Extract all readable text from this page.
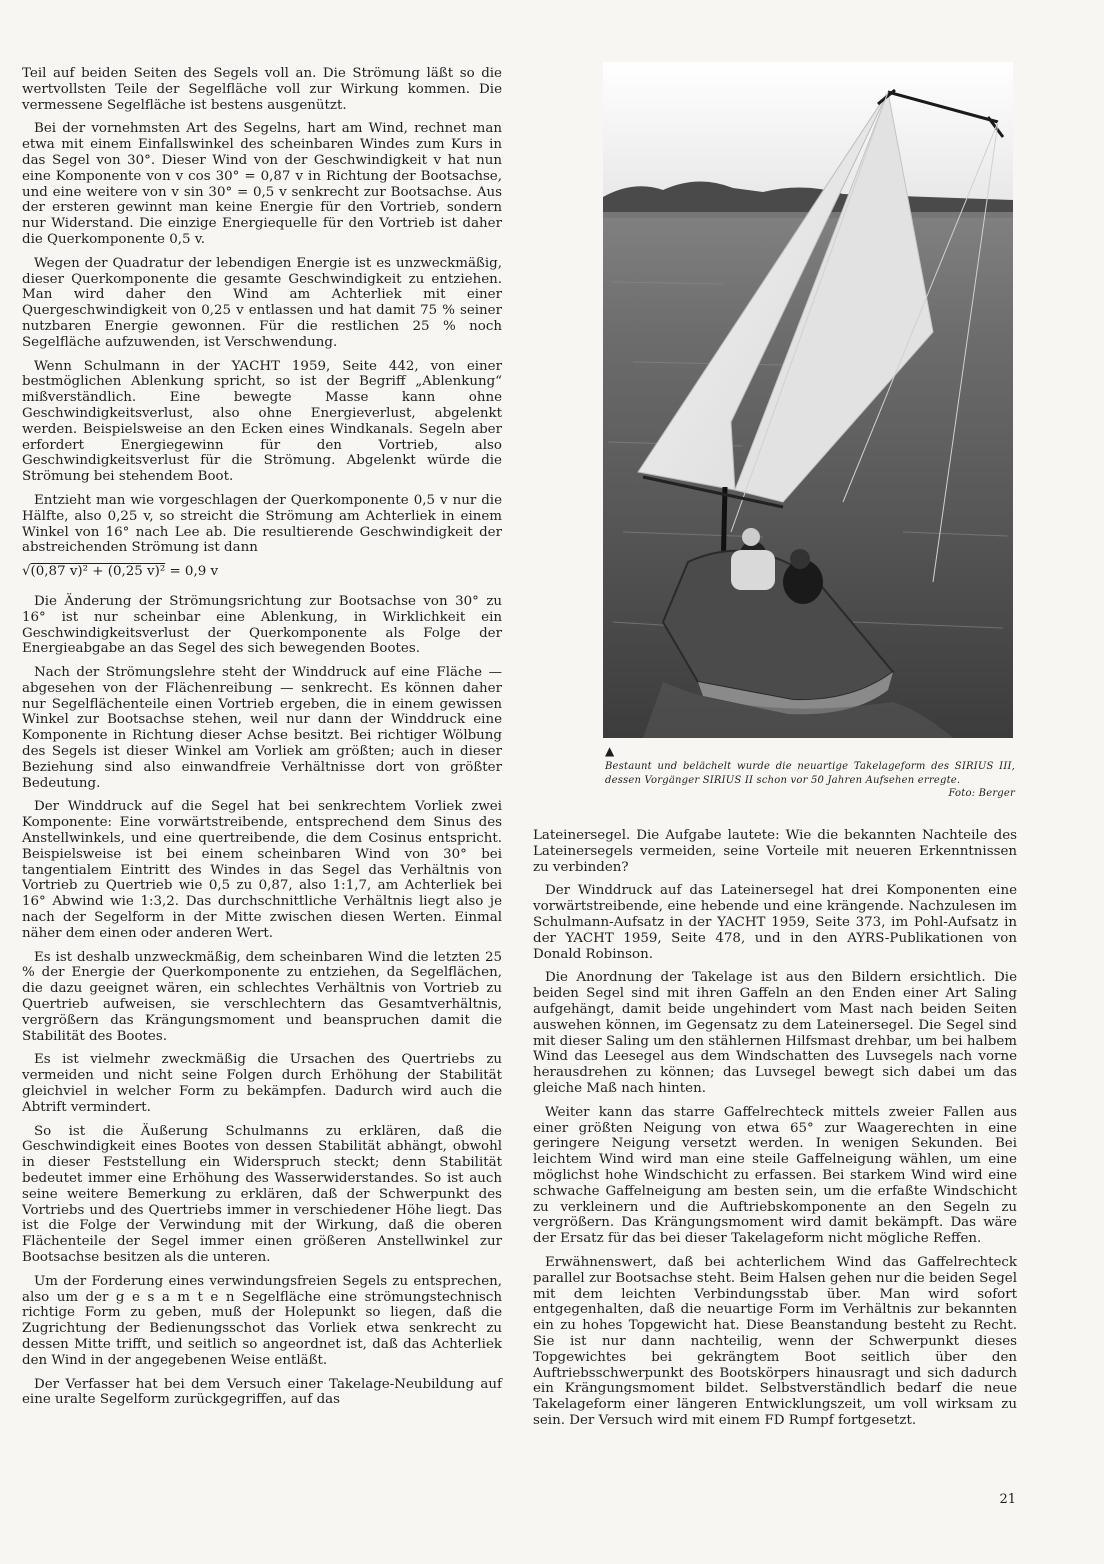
Teil auf beiden Seiten des Segels voll an. Die Strömung läßt so die wertvollsten Teile der Segelfläche voll zur Wirkung kommen. Die vermessene Segelfläche ist bestens ausgenützt.

Bei der vornehmsten Art des Segelns, hart am Wind, rechnet man etwa mit einem Einfallswinkel des scheinbaren Windes zum Kurs in das Segel von 30°. Dieser Wind von der Geschwindigkeit v hat nun eine Komponente von v cos 30° = 0,87 v in Richtung der Bootsachse, und eine weitere von v sin 30° = 0,5 v senkrecht zur Bootsachse. Aus der ersteren gewinnt man keine Energie für den Vortrieb, sondern nur Widerstand. Die einzige Energiequelle für den Vortrieb ist daher die Querkomponente 0,5 v.

Wegen der Quadratur der lebendigen Energie ist es unzweckmäßig, dieser Querkomponente die gesamte Geschwindigkeit zu entziehen. Man wird daher den Wind am Achterliek mit einer Quergeschwindigkeit von 0,25 v entlassen und hat damit 75 % seiner nutzbaren Energie gewonnen. Für die restlichen 25 % noch Segelfläche aufzuwenden, ist Verschwendung.

Wenn Schulmann in der YACHT 1959, Seite 442, von einer bestmöglichen Ablenkung spricht, so ist der Begriff „Ablenkung“ mißverständlich. Eine bewegte Masse kann ohne Geschwindigkeitsverlust, also ohne Energieverlust, abgelenkt werden. Beispielsweise an den Ecken eines Windkanals. Segeln aber erfordert Energiegewinn für den Vortrieb, also Geschwindigkeitsverlust für die Strömung. Abgelenkt würde die Strömung bei stehendem Boot.

Entzieht man wie vorgeschlagen der Querkomponente 0,5 v nur die Hälfte, also 0,25 v, so streicht die Strömung am Achterliek in einem Winkel von 16° nach Lee ab. Die resultierende Geschwindigkeit der abstreichenden Strömung ist dann

√(0,87 v)² + (0,25 v)² = 0,9 v

Die Änderung der Strömungsrichtung zur Bootsachse von 30° zu 16° ist nur scheinbar eine Ablenkung, in Wirklichkeit ein Geschwindigkeitsverlust der Querkomponente als Folge der Energieabgabe an das Segel des sich bewegenden Bootes.

Nach der Strömungslehre steht der Winddruck auf eine Fläche — abgesehen von der Flächenreibung — senkrecht. Es können daher nur Segelflächenteile einen Vortrieb ergeben, die in einem gewissen Winkel zur Bootsachse stehen, weil nur dann der Winddruck eine Komponente in Richtung dieser Achse besitzt. Bei richtiger Wölbung des Segels ist dieser Winkel am Vorliek am größten; auch in dieser Beziehung sind also einwandfreie Verhältnisse dort von größter Bedeutung.

Der Winddruck auf die Segel hat bei senkrechtem Vorliek zwei Komponente: Eine vorwärtstreibende, entsprechend dem Sinus des Anstellwinkels, und eine quertreibende, die dem Cosinus entspricht. Beispielsweise ist bei einem scheinbaren Wind von 30° bei tangentialem Eintritt des Windes in das Segel das Verhältnis von Vortrieb zu Quertrieb wie 0,5 zu 0,87, also 1:1,7, am Achterliek bei 16° Abwind wie 1:3,2. Das durchschnittliche Verhältnis liegt also je nach der Segelform in der Mitte zwischen diesen Werten. Einmal näher dem einen oder anderen Wert.

Es ist deshalb unzweckmäßig, dem scheinbaren Wind die letzten 25 % der Energie der Querkomponente zu entziehen, da Segelflächen, die dazu geeignet wären, ein schlechtes Verhältnis von Vortrieb zu Quertrieb aufweisen, sie verschlechtern das Gesamtverhältnis, vergrößern das Krängungsmoment und beanspruchen damit die Stabilität des Bootes.

Es ist vielmehr zweckmäßig die Ursachen des Quertriebs zu vermeiden und nicht seine Folgen durch Erhöhung der Stabilität gleichviel in welcher Form zu bekämpfen. Dadurch wird auch die Abtrift vermindert.

So ist die Äußerung Schulmanns zu erklären, daß die Geschwindigkeit eines Bootes von dessen Stabilität abhängt, obwohl in dieser Feststellung ein Widerspruch steckt; denn Stabilität bedeutet immer eine Erhöhung des Wasserwiderstandes. So ist auch seine weitere Bemerkung zu erklären, daß der Schwerpunkt des Vortriebs und des Quertriebs immer in verschiedener Höhe liegt. Das ist die Folge der Verwindung mit der Wirkung, daß die oberen Flächenteile der Segel immer einen größeren Anstellwinkel zur Bootsachse besitzen als die unteren.

Um der Forderung eines verwindungsfreien Segels zu entsprechen, also um der g e s a m t e n Segelfläche eine strömungstechnisch richtige Form zu geben, muß der Holepunkt so liegen, daß die Zugrichtung der Bedienungsschot das Vorliek etwa senkrecht zu dessen Mitte trifft, und seitlich so angeordnet ist, daß das Achterliek den Wind in der angegebenen Weise entläßt.

Der Verfasser hat bei dem Versuch einer Takelage-Neubildung auf eine uralte Segelform zurückgegriffen, auf das

▲
Bestaunt und belächelt wurde die neuartige Takelageform des SIRIUS III, dessen Vorgänger SIRIUS II schon vor 50 Jahren Aufsehen erregte.
Foto: Berger

Lateinersegel. Die Aufgabe lautete: Wie die bekannten Nachteile des Lateinersegels vermeiden, seine Vorteile mit neueren Erkenntnissen zu verbinden?

Der Winddruck auf das Lateinersegel hat drei Komponenten eine vorwärtstreibende, eine hebende und eine krängende. Nachzulesen im Schulmann-Aufsatz in der YACHT 1959, Seite 373, im Pohl-Aufsatz in der YACHT 1959, Seite 478, und in den AYRS-Publikationen von Donald Robinson.

Die Anordnung der Takelage ist aus den Bildern ersichtlich. Die beiden Segel sind mit ihren Gaffeln an den Enden einer Art Saling aufgehängt, damit beide ungehindert vom Mast nach beiden Seiten auswehen können, im Gegensatz zu dem Lateinersegel. Die Segel sind mit dieser Saling um den stählernen Hilfsmast drehbar, um bei halbem Wind das Leesegel aus dem Windschatten des Luvsegels nach vorne herausdrehen zu können; das Luvsegel bewegt sich dabei um das gleiche Maß nach hinten.

Weiter kann das starre Gaffelrechteck mittels zweier Fallen aus einer größten Neigung von etwa 65° zur Waagerechten in eine geringere Neigung versetzt werden. In wenigen Sekunden. Bei leichtem Wind wird man eine steile Gaffelneigung wählen, um eine möglichst hohe Windschicht zu erfassen. Bei starkem Wind wird eine schwache Gaffelneigung am besten sein, um die erfaßte Windschicht zu verkleinern und die Auftriebskomponente an den Segeln zu vergrößern. Das Krängungsmoment wird damit bekämpft. Das wäre der Ersatz für das bei dieser Takelageform nicht mögliche Reffen.

Erwähnenswert, daß bei achterlichem Wind das Gaffelrechteck parallel zur Bootsachse steht. Beim Halsen gehen nur die beiden Segel mit dem leichten Verbindungsstab über. Man wird sofort entgegenhalten, daß die neuartige Form im Verhältnis zur bekannten ein zu hohes Topgewicht hat. Diese Beanstandung besteht zu Recht. Sie ist nur dann nachteilig, wenn der Schwerpunkt dieses Topgewichtes bei gekrängtem Boot seitlich über den Auftriebsschwerpunkt des Bootskörpers hinausragt und sich dadurch ein Krängungsmoment bildet. Selbstverständlich bedarf die neue Takelageform einer längeren Entwicklungszeit, um voll wirksam zu sein. Der Versuch wird mit einem FD Rumpf fortgesetzt.

21
